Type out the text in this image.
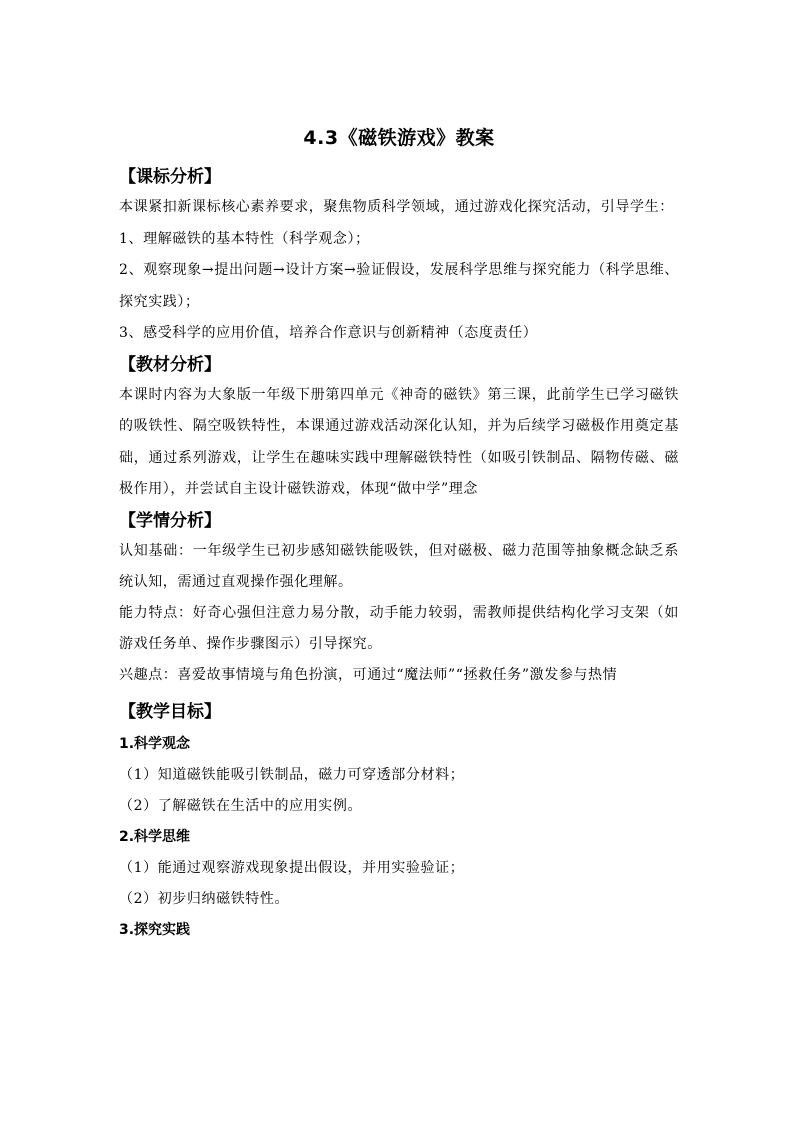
4.3《磁铁游戏》教案
【课标分析】

本课紧扣新课标核心素养要求，聚焦物质科学领域，通过游戏化探究活动，引导学生：

1、理解磁铁的基本特性（科学观念）；

2、观察现象→提出问题→设计方案→验证假设，发展科学思维与探究能力（科学思维、探究实践）；

3、感受科学的应用价值，培养合作意识与创新精神（态度责任）

【教材分析】

本课时内容为大象版一年级下册第四单元《神奇的磁铁》第三课，此前学生已学习磁铁的吸铁性、隔空吸铁特性，本课通过游戏活动深化认知，并为后续学习磁极作用奠定基础，通过系列游戏，让学生在趣味实践中理解磁铁特性（如吸引铁制品、隔物传磁、磁极作用），并尝试自主设计磁铁游戏，体现“做中学”理念

【学情分析】

认知基础：一年级学生已初步感知磁铁能吸铁，但对磁极、磁力范围等抽象概念缺乏系统认知，需通过直观操作强化理解。

能力特点：好奇心强但注意力易分散，动手能力较弱，需教师提供结构化学习支架（如游戏任务单、操作步骤图示）引导探究。

兴趣点：喜爱故事情境与角色扮演，可通过“魔法师”“拯救任务”激发参与热情

【教学目标】

1.科学观念

（1）知道磁铁能吸引铁制品，磁力可穿透部分材料；

（2）了解磁铁在生活中的应用实例。

2.科学思维

（1）能通过观察游戏现象提出假设，并用实验验证；

（2）初步归纳磁铁特性。

3.探究实践
